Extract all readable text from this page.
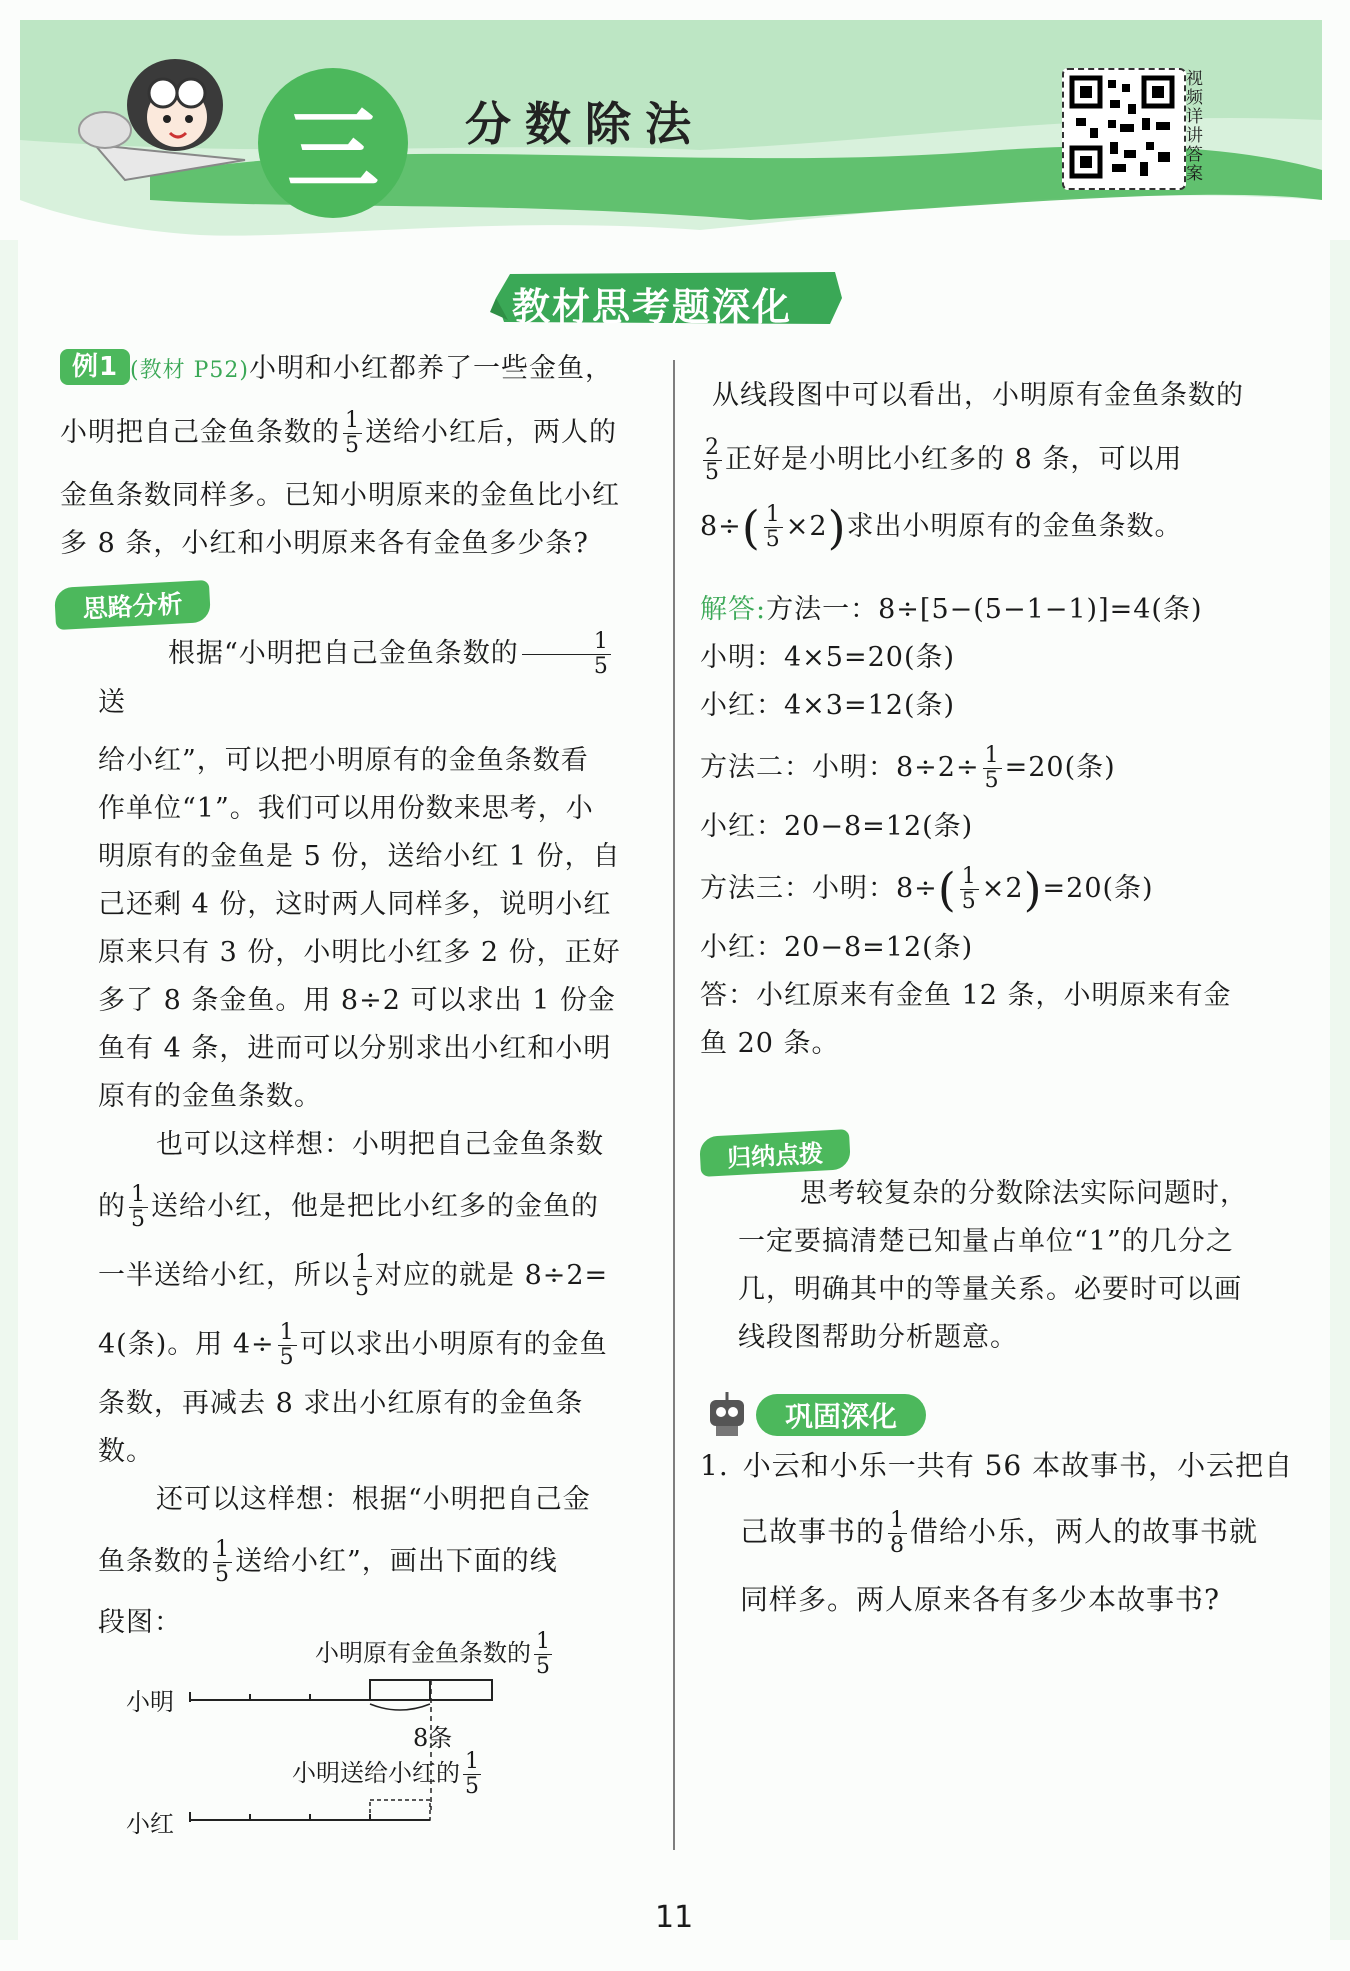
三 分数除法
视频详讲答案
教材思考题深化
例1 (教材 P52)小明和小红都养了一些金鱼，
小明把自己金鱼条数的 $\frac{1}{5}$ 送给小红后，两人的
金鱼条数同样多。已知小明原来的金鱼比小红
多 8 条，小红和小明原来各有金鱼多少条?
思路分析
根据“小明把自己金鱼条数的 $\frac{1}{5}$
送
给小红”，可以把小明原有的金鱼条数看
作单位“1”。我们可以用份数来思考，小
明原有的金鱼是 5 份，送给小红 1 份，自
己还剩 4 份，这时两人同样多，说明小红
原来只有 3 份，小明比小红多 2 份，正好
多了 8 条金鱼。用 8÷2 可以求出 1 份金
鱼有 4 条，进而可以分别求出小红和小明
原有的金鱼条数。
也可以这样想：小明把自己金鱼条数
的 $\frac{1}{5}$ 送给小红，他是把比小红多的金鱼的
一半送给小红，所以 $\frac{1}{5}$ 对应的就是 8÷2=
4(条)。用 $4\div \frac{1}{5}$ 可以求出小明原有的金鱼
条数，再减去 8 求出小红原有的金鱼条数。
还可以这样想：根据“小明把自己金
鱼条数的 $\frac{1}{5}$ 送给小红”，画出下面的线
段图：
小明
小红
小明原有金鱼条数的 $\frac{1}{5}$
8条
小明送给小红的 $\frac{1}{5}$
从线段图中可以看出，小明原有金鱼条数的
$\frac{2}{5}$ 正好是小明比小红多的 8 条，可以用
$8\div( \frac{1}{5} \times 2)$求出小明原有的金鱼条数。
解答:方法一：8÷[5−(5−1−1)]=4(条)
小明：4×5=20(条)
小红：4×3=12(条)
方法二：小明：$8\div 2\div \frac{1}{5} =20$(条)
小红：20−8=12(条)
方法三：小明：$8\div( \frac{1}{5} \times 2)=20$(条)
小红：20−8=12(条)
答：小红原来有金鱼 12 条，小明原来有金
鱼 20 条。
归纳点拨
思考较复杂的分数除法实际问题时，
一定要搞清楚已知量占单位“1”的几分之
几，明确其中的等量关系。必要时可以画
线段图帮助分析题意。
巩固深化
1. 小云和小乐一共有 56 本故事书，小云把自
己故事书的 $\frac{1}{8}$ 借给小乐，两人的故事书就
同样多。两人原来各有多少本故事书?
11
